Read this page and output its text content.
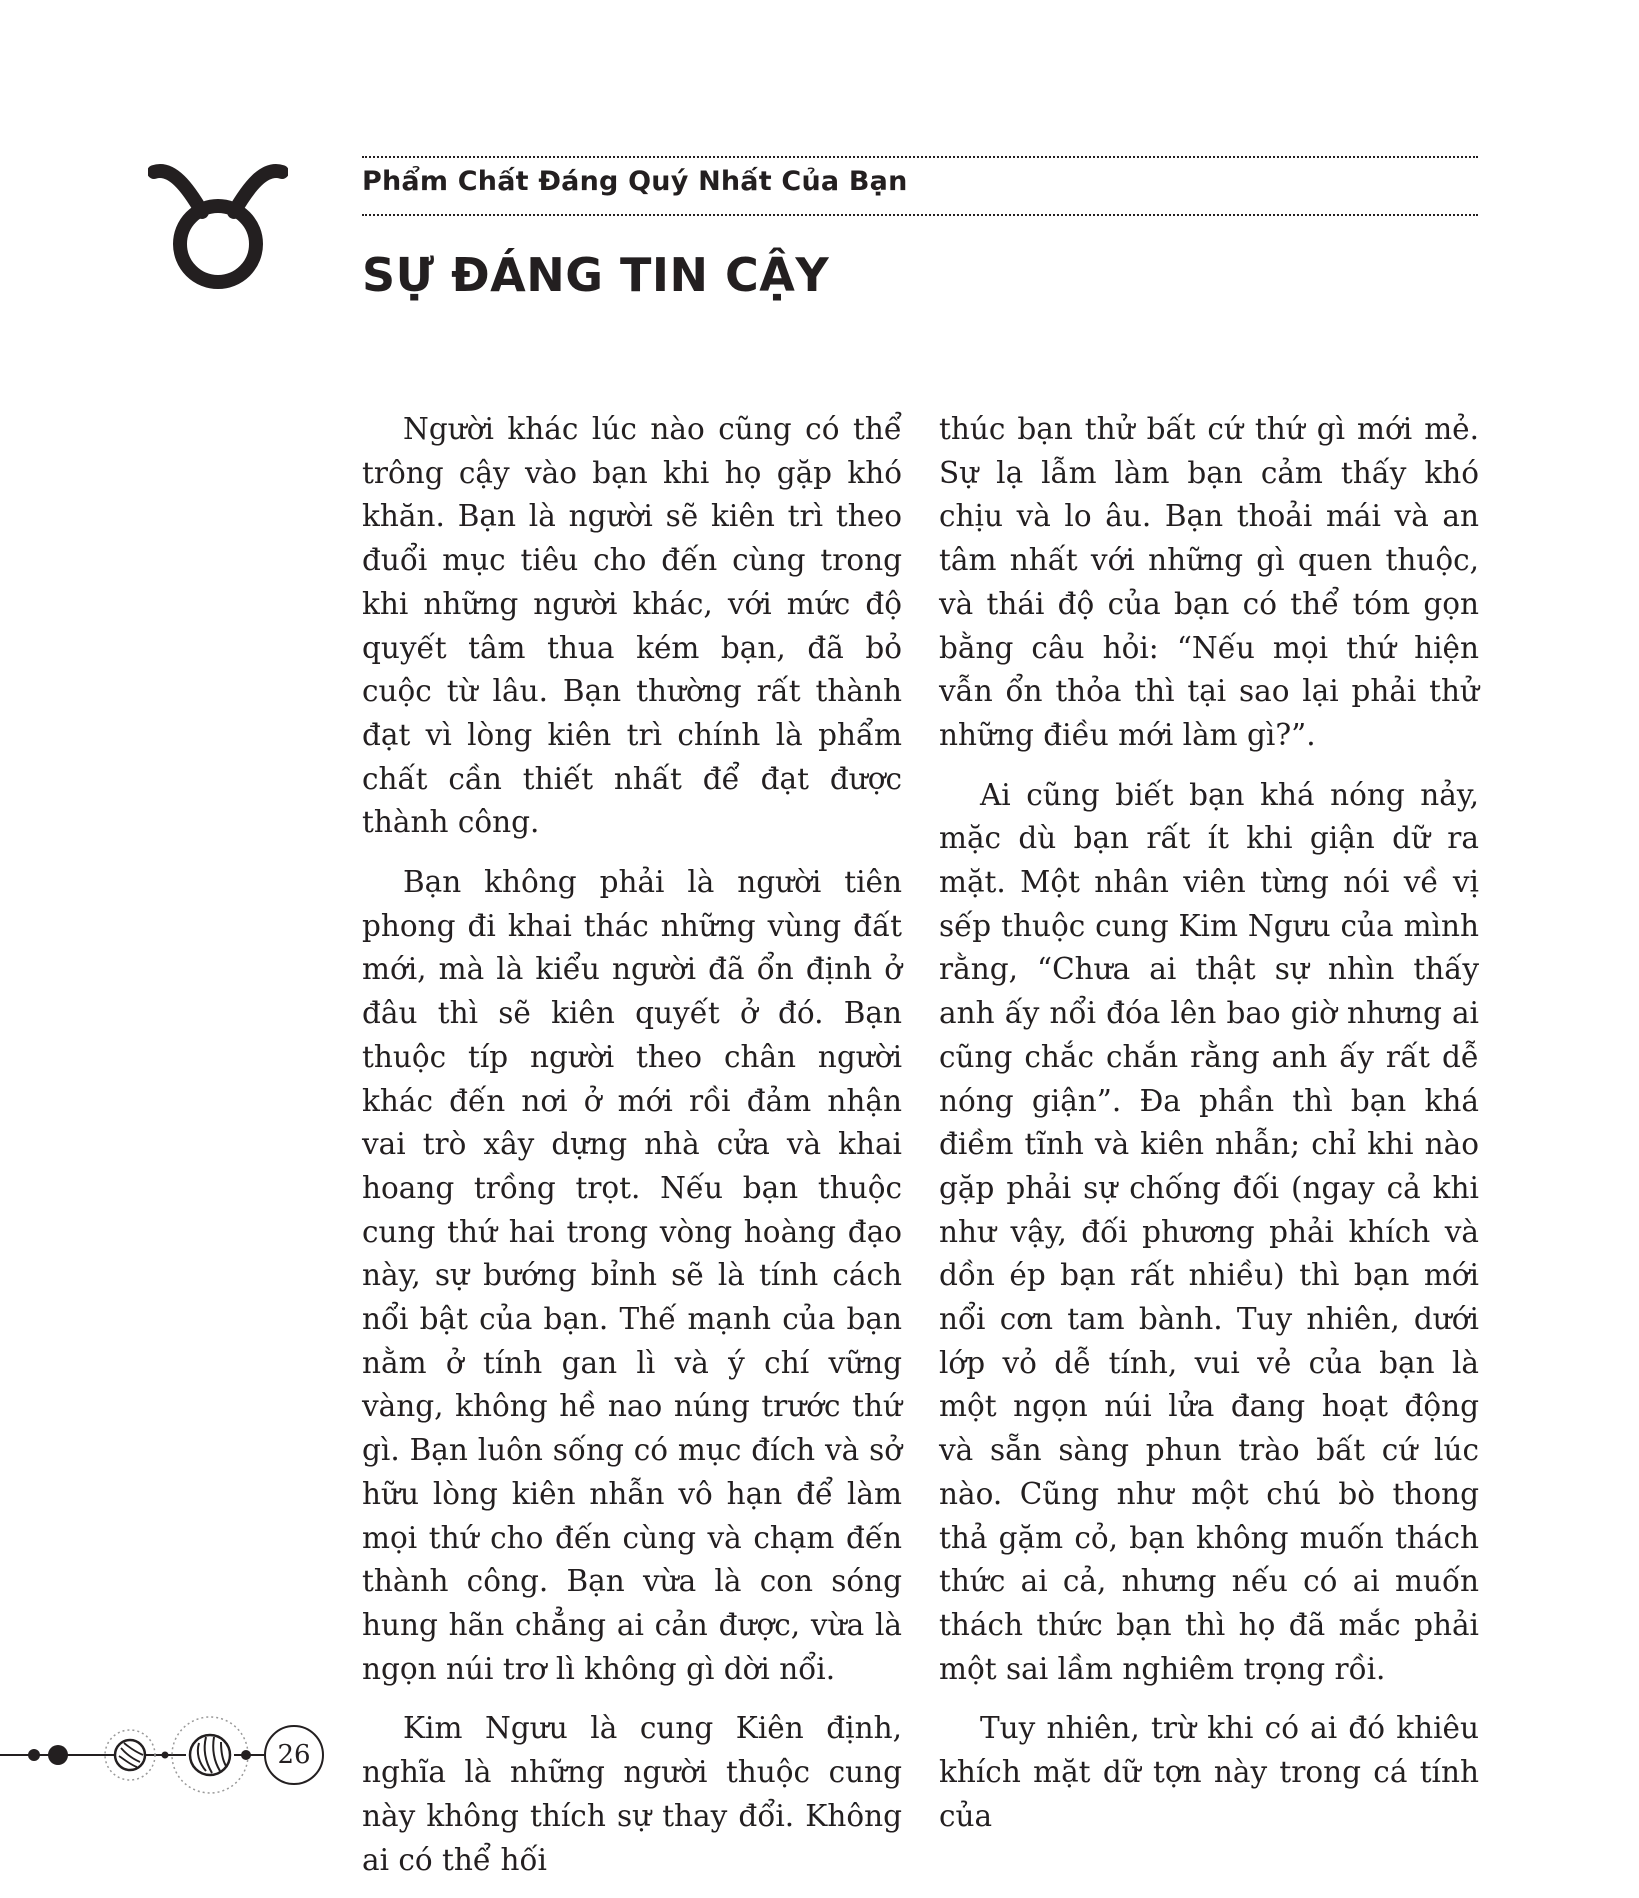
Phẩm Chất Đáng Quý Nhất Của Bạn
SỰ ĐÁNG TIN CẬY

Người khác lúc nào cũng có thể trông cậy vào bạn khi họ gặp khó khăn. Bạn là người sẽ kiên trì theo đuổi mục tiêu cho đến cùng trong khi những người khác, với mức độ quyết tâm thua kém bạn, đã bỏ cuộc từ lâu. Bạn thường rất thành đạt vì lòng kiên trì chính là phẩm chất cần thiết nhất để đạt được thành công.

Bạn không phải là người tiên phong đi khai thác những vùng đất mới, mà là kiểu người đã ổn định ở đâu thì sẽ kiên quyết ở đó. Bạn thuộc típ người theo chân người khác đến nơi ở mới rồi đảm nhận vai trò xây dựng nhà cửa và khai hoang trồng trọt. Nếu bạn thuộc cung thứ hai trong vòng hoàng đạo này, sự bướng bỉnh sẽ là tính cách nổi bật của bạn. Thế mạnh của bạn nằm ở tính gan lì và ý chí vững vàng, không hề nao núng trước thứ gì. Bạn luôn sống có mục đích và sở hữu lòng kiên nhẫn vô hạn để làm mọi thứ cho đến cùng và chạm đến thành công. Bạn vừa là con sóng hung hãn chẳng ai cản được, vừa là ngọn núi trơ lì không gì dời nổi.

Kim Ngưu là cung Kiên định, nghĩa là những người thuộc cung này không thích sự thay đổi. Không ai có thể hối

thúc bạn thử bất cứ thứ gì mới mẻ. Sự lạ lẫm làm bạn cảm thấy khó chịu và lo âu. Bạn thoải mái và an tâm nhất với những gì quen thuộc, và thái độ của bạn có thể tóm gọn bằng câu hỏi: “Nếu mọi thứ hiện vẫn ổn thỏa thì tại sao lại phải thử những điều mới làm gì?”.

Ai cũng biết bạn khá nóng nảy, mặc dù bạn rất ít khi giận dữ ra mặt. Một nhân viên từng nói về vị sếp thuộc cung Kim Ngưu của mình rằng, “Chưa ai thật sự nhìn thấy anh ấy nổi đóa lên bao giờ nhưng ai cũng chắc chắn rằng anh ấy rất dễ nóng giận”. Đa phần thì bạn khá điềm tĩnh và kiên nhẫn; chỉ khi nào gặp phải sự chống đối (ngay cả khi như vậy, đối phương phải khích và dồn ép bạn rất nhiều) thì bạn mới nổi cơn tam bành. Tuy nhiên, dưới lớp vỏ dễ tính, vui vẻ của bạn là một ngọn núi lửa đang hoạt động và sẵn sàng phun trào bất cứ lúc nào. Cũng như một chú bò thong thả gặm cỏ, bạn không muốn thách thức ai cả, nhưng nếu có ai muốn thách thức bạn thì họ đã mắc phải một sai lầm nghiêm trọng rồi.

Tuy nhiên, trừ khi có ai đó khiêu khích mặt dữ tợn này trong cá tính của

26
